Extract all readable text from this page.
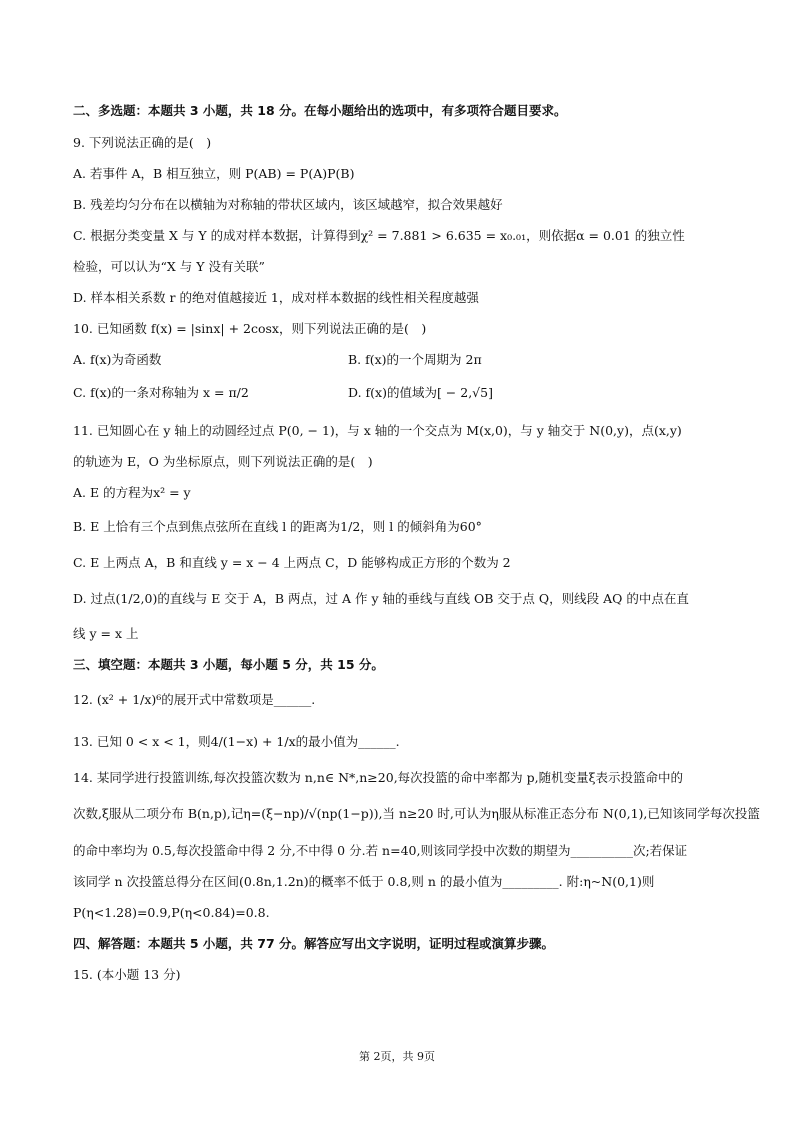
二、多选题：本题共 3 小题，共 18 分。在每小题给出的选项中，有多项符合题目要求。
9. 下列说法正确的是(　)
A. 若事件 A，B 相互独立，则 P(AB) = P(A)P(B)
B. 残差均匀分布在以横轴为对称轴的带状区域内，该区域越窄，拟合效果越好
C. 根据分类变量 X 与 Y 的成对样本数据，计算得到χ² = 7.881 > 6.635 = x₀.₀₁，则依据α = 0.01 的独立性
检验，可以认为“X 与 Y 没有关联”
D. 样本相关系数 r 的绝对值越接近 1，成对样本数据的线性相关程度越强
10. 已知函数 f(x) = |sinx| + 2cosx，则下列说法正确的是(　)
A. f(x)为奇函数	B. f(x)的一个周期为 2π
C. f(x)的一条对称轴为 x = π/2	D. f(x)的值域为[ − 2,√5]
11. 已知圆心在 y 轴上的动圆经过点 P(0, − 1)，与 x 轴的一个交点为 M(x,0)，与 y 轴交于 N(0,y)，点(x,y)
的轨迹为 E，O 为坐标原点，则下列说法正确的是(　)
A. E 的方程为x² = y
B. E 上恰有三个点到焦点弦所在直线 l 的距离为1/2，则 l 的倾斜角为60°
C. E 上两点 A，B 和直线 y = x − 4 上两点 C，D 能够构成正方形的个数为 2
D. 过点(1/2,0)的直线与 E 交于 A，B 两点，过 A 作 y 轴的垂线与直线 OB 交于点 Q，则线段 AQ 的中点在直
线 y = x 上
三、填空题：本题共 3 小题，每小题 5 分，共 15 分。
12. (x² + 1/x)⁶的展开式中常数项是______.
13. 已知 0 < x < 1，则4/(1−x) + 1/x的最小值为______.
14. 某同学进行投篮训练,每次投篮次数为 n,n∈ N*,n≥20,每次投篮的命中率都为 p,随机变量ξ表示投篮命中的
次数,ξ服从二项分布 B(n,p),记η=(ξ−np)/√(np(1−p)),当 n≥20 时,可认为η服从标准正态分布 N(0,1),已知该同学每次投篮
的命中率均为 0.5,每次投篮命中得 2 分,不中得 0 分.若 n=40,则该同学投中次数的期望为__________次;若保证
该同学 n 次投篮总得分在区间(0.8n,1.2n)的概率不低于 0.8,则 n 的最小值为_________. 附:η~N(0,1)则
P(η<1.28)=0.9,P(η<0.84)=0.8.
四、解答题：本题共 5 小题，共 77 分。解答应写出文字说明，证明过程或演算步骤。
15. (本小题 13 分)
第 2页，共 9页
